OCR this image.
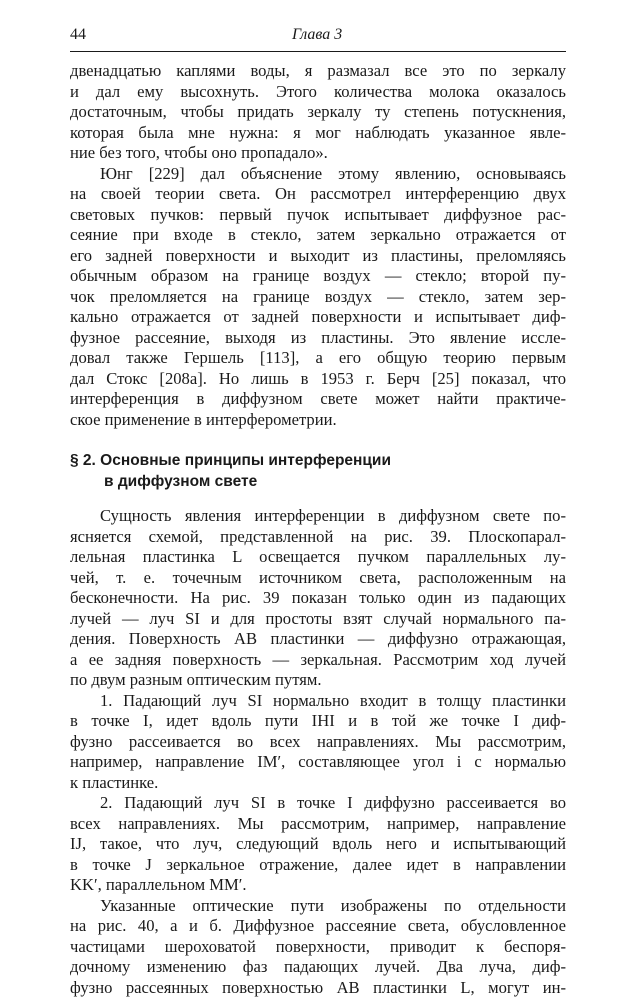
44	Глава 3
двенадцатью каплями воды, я размазал все это по зеркалу
и дал ему высохнуть. Этого количества молока оказалось
достаточным, чтобы придать зеркалу ту степень потускнения,
которая была мне нужна: я мог наблюдать указанное явле-
ние без того, чтобы оно пропадало».
Юнг [229] дал объяснение этому явлению, основываясь
на своей теории света. Он рассмотрел интерференцию двух
световых пучков: первый пучок испытывает диффузное рас-
сеяние при входе в стекло, затем зеркально отражается от
его задней поверхности и выходит из пластины, преломляясь
обычным образом на границе воздух — стекло; второй пу-
чок преломляется на границе воздух — стекло, затем зер-
кально отражается от задней поверхности и испытывает диф-
фузное рассеяние, выходя из пластины. Это явление иссле-
довал также Гершель [113], а его общую теорию первым
дал Стокс [208а]. Но лишь в 1953 г. Берч [25] показал, что
интерференция в диффузном свете может найти практиче-
ское применение в интерферометрии.
§ 2. Основные принципы интерференции
в диффузном свете
Сущность явления интерференции в диффузном свете по-
ясняется схемой, представленной на рис. 39. Плоскопарал-
лельная пластинка L освещается пучком параллельных лу-
чей, т. е. точечным источником света, расположенным на
бесконечности. На рис. 39 показан только один из падающих
лучей — луч SI и для простоты взят случай нормального па-
дения. Поверхность AB пластинки — диффузно отражающая,
а ее задняя поверхность — зеркальная. Рассмотрим ход лучей
по двум разным оптическим путям.
1. Падающий луч SI нормально входит в толщу пластинки
в точке I, идет вдоль пути IHI и в той же точке I диф-
фузно рассеивается во всех направлениях. Мы рассмотрим,
например, направление IM′, составляющее угол i с нормалью
к пластинке.
2. Падающий луч SI в точке I диффузно рассеивается во
всех направлениях. Мы рассмотрим, например, направление
IJ, такое, что луч, следующий вдоль него и испытывающий
в точке J зеркальное отражение, далее идет в направлении
KK′, параллельном MM′.
Указанные оптические пути изображены по отдельности
на рис. 40, а и б. Диффузное рассеяние света, обусловленное
частицами шероховатой поверхности, приводит к беспоря-
дочному изменению фаз падающих лучей. Два луча, диф-
фузно рассеянных поверхностью AB пластинки L, могут ин-
